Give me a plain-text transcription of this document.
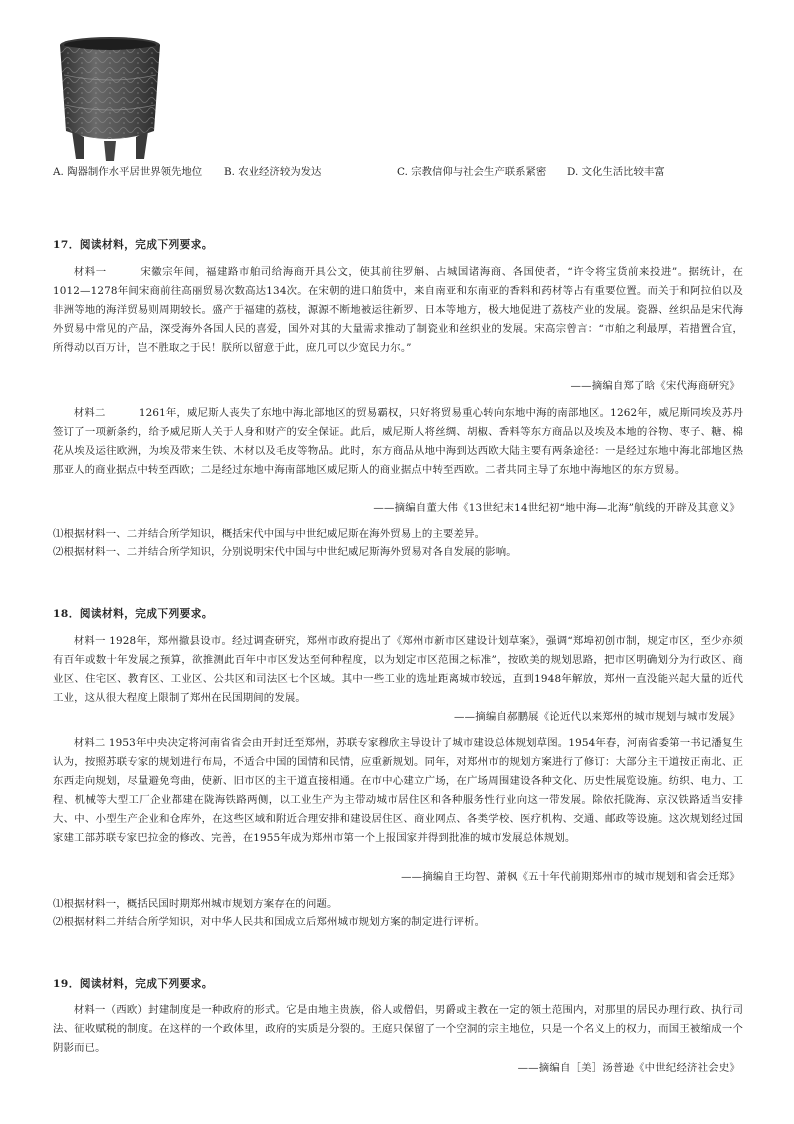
A. 陶器制作水平居世界领先地位	B. 农业经济较为发达	C. 宗教信仰与社会生产联系紧密	D. 文化生活比较丰富
17．阅读材料，完成下列要求。
材料一	宋徽宗年间，福建路市舶司给海商开具公文，使其前往罗斛、占城国诸海商、各国使者，“许令将宝货前来投进”。据统计，在1012—1278年间宋商前往高丽贸易次数高达134次。在宋朝的进口舶货中，来自南亚和东南亚的香料和药材等占有重要位置。而关于和阿拉伯以及非洲等地的海洋贸易则周期较长。盛产于福建的荔枝，源源不断地被运往新罗、日本等地方，极大地促进了荔枝产业的发展。瓷器、丝织品是宋代海外贸易中常见的产品，深受海外各国人民的喜爱，国外对其的大量需求推动了制瓷业和丝织业的发展。宋高宗曾言：“市舶之利最厚，若措置合宜，所得动以百万计，岂不胜取之于民！朕所以留意于此，庶几可以少宽民力尔。”
——摘编自郑了晗《宋代海商研究》
材料二	1261年，威尼斯人丧失了东地中海北部地区的贸易霸权，只好将贸易重心转向东地中海的南部地区。1262年，威尼斯同埃及苏丹签订了一项新条约，给予威尼斯人关于人身和财产的安全保证。此后，威尼斯人将丝绸、胡椒、香料等东方商品以及埃及本地的谷物、枣子、糖、棉花从埃及运往欧洲，为埃及带来生铁、木材以及毛皮等物品。此时，东方商品从地中海到达西欧大陆主要有两条途径：一是经过东地中海北部地区热那亚人的商业据点中转至西欧；二是经过东地中海南部地区威尼斯人的商业据点中转至西欧。二者共同主导了东地中海地区的东方贸易。
——摘编自董大伟《13世纪末14世纪初“地中海—北海”航线的开辟及其意义》
⑴根据材料一、二并结合所学知识，概括宋代中国与中世纪威尼斯在海外贸易上的主要差异。
⑵根据材料一、二并结合所学知识，分别说明宋代中国与中世纪威尼斯海外贸易对各自发展的影响。
18．阅读材料，完成下列要求。
材料一 1928年，郑州撤县设市。经过调查研究，郑州市政府提出了《郑州市新市区建设计划草案》，强调“郑埠初创市制，规定市区，至少亦须有百年或数十年发展之预算，欲推测此百年中市区发达至何种程度，以为划定市区范围之标准”，按欧美的规划思路，把市区明确划分为行政区、商业区、住宅区、教育区、工业区、公共区和司法区七个区域。其中一些工业的选址距离城市较远，直到1948年解放，郑州一直没能兴起大量的近代工业，这从很大程度上限制了郑州在民国期间的发展。
——摘编自郝鹏展《论近代以来郑州的城市规划与城市发展》
材料二 1953年中央决定将河南省省会由开封迁至郑州，苏联专家穆欣主导设计了城市建设总体规划草图。1954年春，河南省委第一书记潘复生认为，按照苏联专家的规划进行布局，不适合中国的国情和民情，应重新规划。同年，对郑州市的规划方案进行了修订：大部分主干道按正南北、正东西走向规划，尽量避免弯曲，使新、旧市区的主干道直接相通。在市中心建立广场，在广场周围建设各种文化、历史性展览设施。纺织、电力、工程、机械等大型工厂企业都建在陇海铁路两侧，以工业生产为主带动城市居住区和各种服务性行业向这一带发展。除依托陇海、京汉铁路适当安排大、中、小型生产企业和仓库外，在这些区域和附近合理安排和建设居住区、商业网点、各类学校、医疗机构、交通、邮政等设施。这次规划经过国家建工部苏联专家巴拉金的修改、完善，在1955年成为郑州市第一个上报国家并得到批准的城市发展总体规划。
——摘编自王均智、萧枫《五十年代前期郑州市的城市规划和省会迁郑》
⑴根据材料一，概括民国时期郑州城市规划方案存在的问题。
⑵根据材料二并结合所学知识，对中华人民共和国成立后郑州城市规划方案的制定进行评析。
19．阅读材料，完成下列要求。
材料一（西欧）封建制度是一种政府的形式。它是由地主贵族，俗人或僧侣，男爵或主教在一定的领土范围内，对那里的居民办理行政、执行司法、征收赋税的制度。在这样的一个政体里，政府的实质是分裂的。王庭只保留了一个空洞的宗主地位，只是一个名义上的权力，而国王被缩成一个阴影而已。
——摘编自［美］汤普逊《中世纪经济社会史》
